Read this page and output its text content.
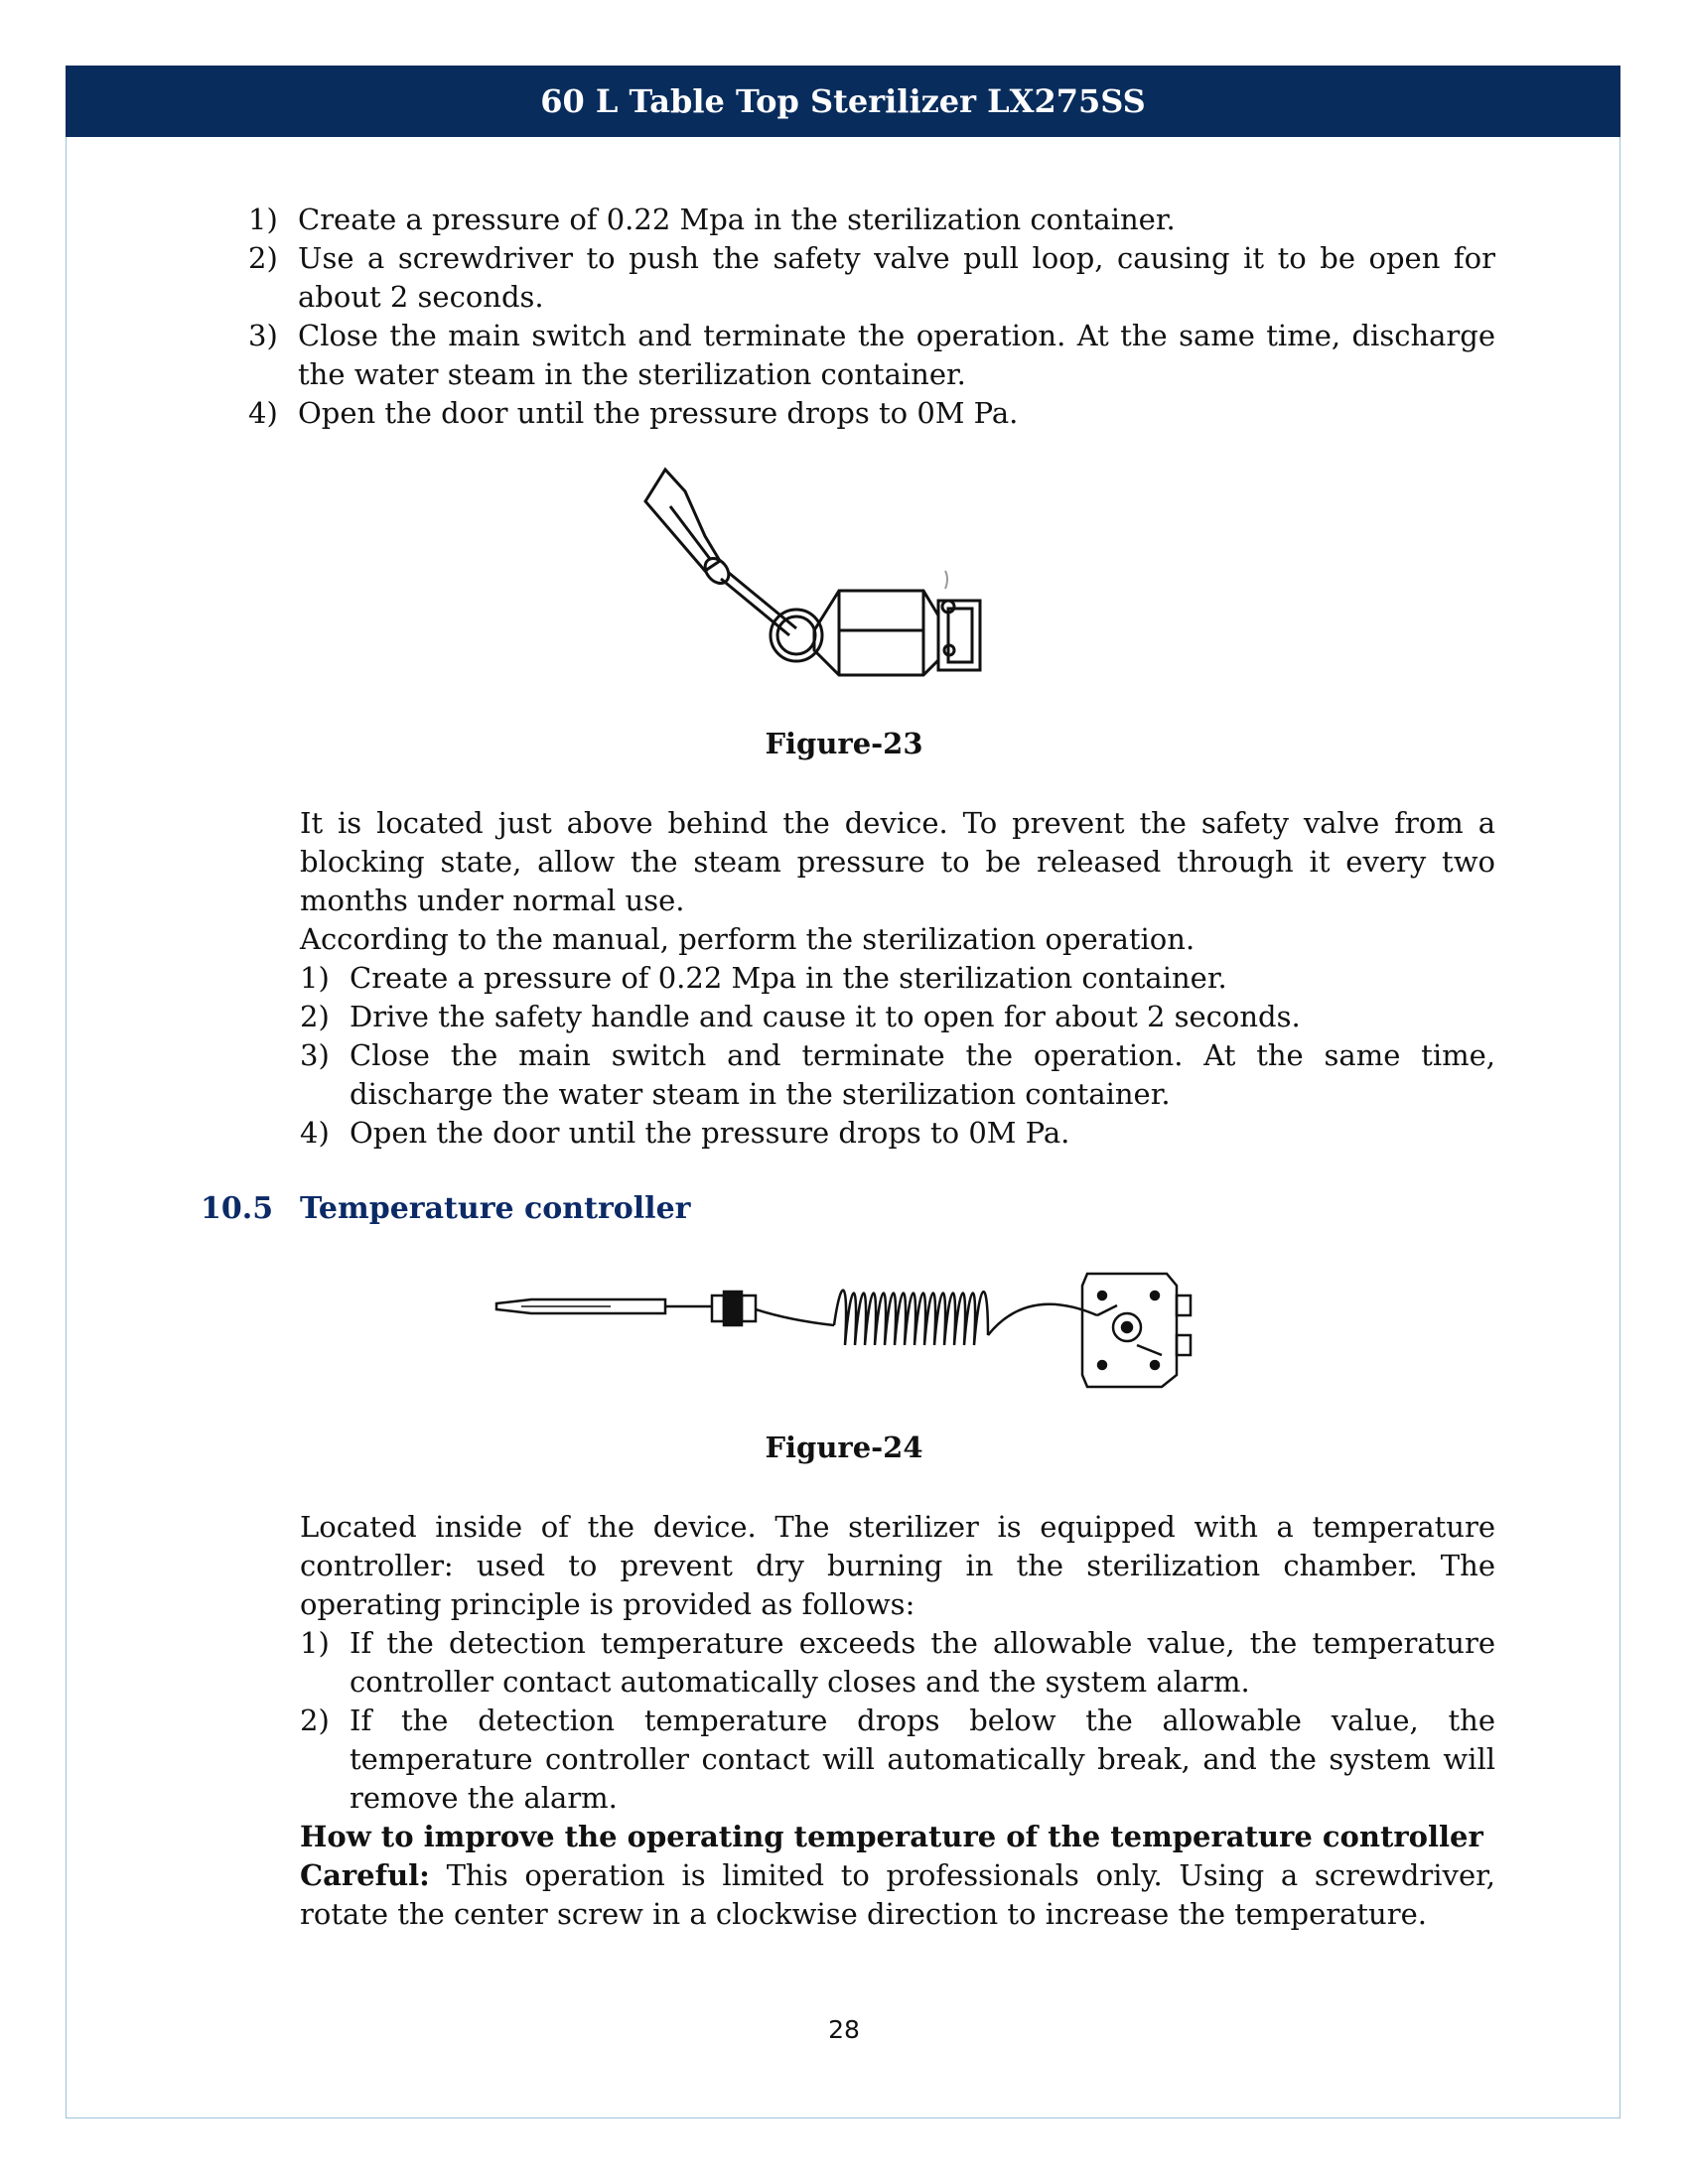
60 L Table Top Sterilizer LX275SS
1) Create a pressure of 0.22 Mpa in the sterilization container.
2) Use a screwdriver to push the safety valve pull loop, causing it to be open for about 2 seconds.
3) Close the main switch and terminate the operation. At the same time, discharge the water steam in the sterilization container.
4) Open the door until the pressure drops to 0M Pa.
Figure-23
It is located just above behind the device. To prevent the safety valve from a blocking state, allow the steam pressure to be released through it every two months under normal use.
According to the manual, perform the sterilization operation.
1) Create a pressure of 0.22 Mpa in the sterilization container.
2) Drive the safety handle and cause it to open for about 2 seconds.
3) Close the main switch and terminate the operation. At the same time, discharge the water steam in the sterilization container.
4) Open the door until the pressure drops to 0M Pa.
10.5 Temperature controller
Figure-24
Located inside of the device. The sterilizer is equipped with a temperature controller: used to prevent dry burning in the sterilization chamber. The operating principle is provided as follows:
1) If the detection temperature exceeds the allowable value, the temperature controller contact automatically closes and the system alarm.
2) If the detection temperature drops below the allowable value, the temperature controller contact will automatically break, and the system will remove the alarm.
How to improve the operating temperature of the temperature controller
Careful: This operation is limited to professionals only. Using a screwdriver, rotate the center screw in a clockwise direction to increase the temperature.
28
